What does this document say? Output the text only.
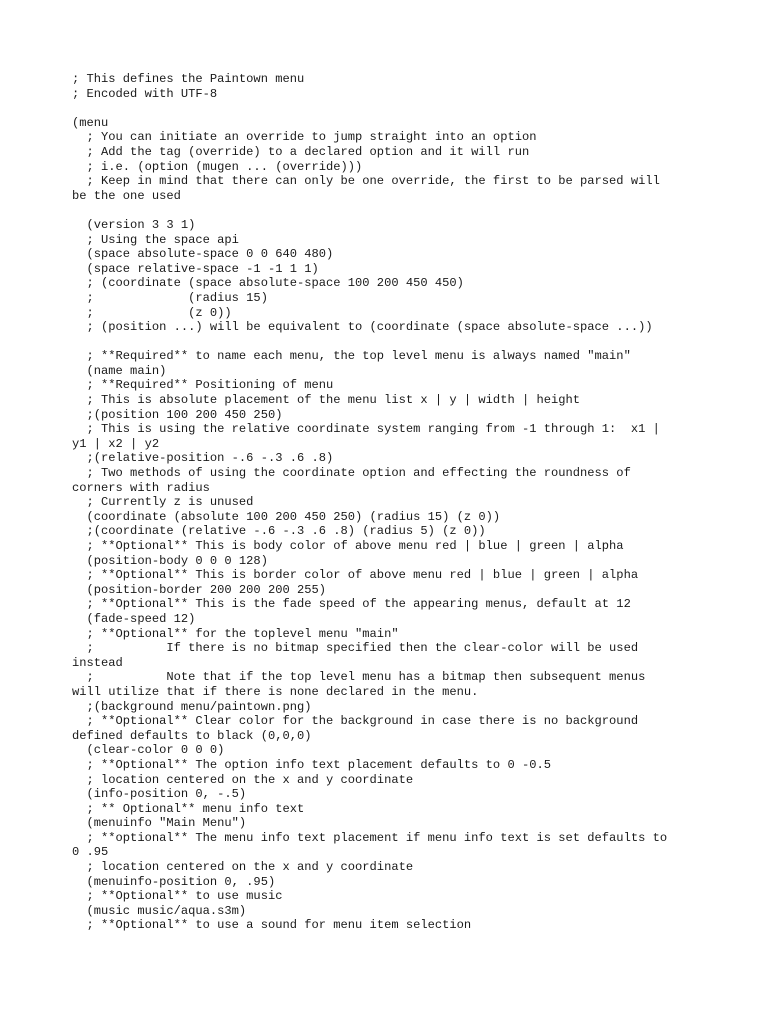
; This defines the Paintown menu
; Encoded with UTF-8
(menu
; You can initiate an override to jump straight into an option
; Add the tag (override) to a declared option and it will run
; i.e. (option (mugen ... (override)))
; Keep in mind that there can only be one override, the first to be parsed will
be the one used
(version 3 3 1)
; Using the space api
(space absolute-space 0 0 640 480)
(space relative-space -1 -1 1 1)
; (coordinate (space absolute-space 100 200 450 450)
;             (radius 15)
;             (z 0))
; (position ...) will be equivalent to (coordinate (space absolute-space ...))
; **Required** to name each menu, the top level menu is always named "main"
(name main)
; **Required** Positioning of menu
; This is absolute placement of the menu list x | y | width | height
;(position 100 200 450 250)
; This is using the relative coordinate system ranging from -1 through 1:  x1 |
y1 | x2 | y2
;(relative-position -.6 -.3 .6 .8)
; Two methods of using the coordinate option and effecting the roundness of
corners with radius
; Currently z is unused
(coordinate (absolute 100 200 450 250) (radius 15) (z 0))
;(coordinate (relative -.6 -.3 .6 .8) (radius 5) (z 0))
; **Optional** This is body color of above menu red | blue | green | alpha
(position-body 0 0 0 128)
; **Optional** This is border color of above menu red | blue | green | alpha
(position-border 200 200 200 255)
; **Optional** This is the fade speed of the appearing menus, default at 12
(fade-speed 12)
; **Optional** for the toplevel menu "main"
;          If there is no bitmap specified then the clear-color will be used
instead
;          Note that if the top level menu has a bitmap then subsequent menus
will utilize that if there is none declared in the menu.
;(background menu/paintown.png)
; **Optional** Clear color for the background in case there is no background
defined defaults to black (0,0,0)
(clear-color 0 0 0)
; **Optional** The option info text placement defaults to 0 -0.5
; location centered on the x and y coordinate
(info-position 0, -.5)
; ** Optional** menu info text
(menuinfo "Main Menu")
; **optional** The menu info text placement if menu info text is set defaults to
0 .95
; location centered on the x and y coordinate
(menuinfo-position 0, .95)
; **Optional** to use music
(music music/aqua.s3m)
; **Optional** to use a sound for menu item selection
